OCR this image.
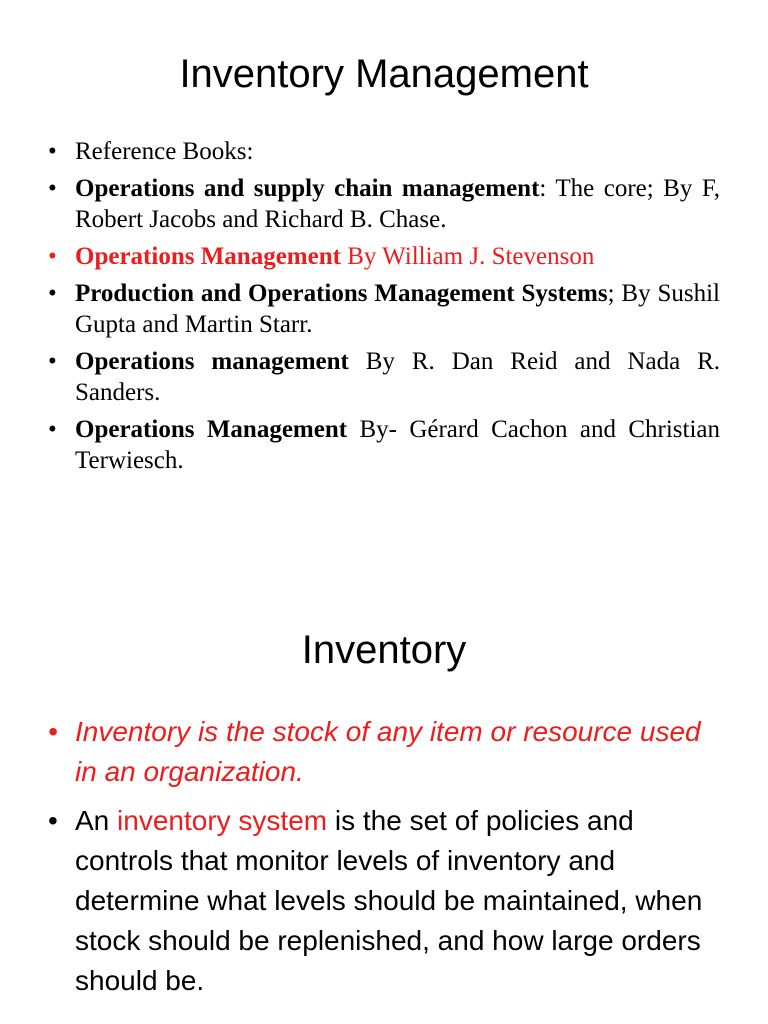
Inventory Management
• Reference Books:
• Operations and supply chain management: The core; By F, Robert Jacobs and Richard B. Chase.
• Operations Management By William J. Stevenson
• Production and Operations Management Systems; By Sushil Gupta and Martin Starr.
• Operations management By R. Dan Reid and Nada R. Sanders.
• Operations Management By- Gérard Cachon and Christian Terwiesch.
Inventory
• Inventory is the stock of any item or resource used in an organization.
• An inventory system is the set of policies and controls that monitor levels of inventory and determine what levels should be maintained, when stock should be replenished, and how large orders should be.
